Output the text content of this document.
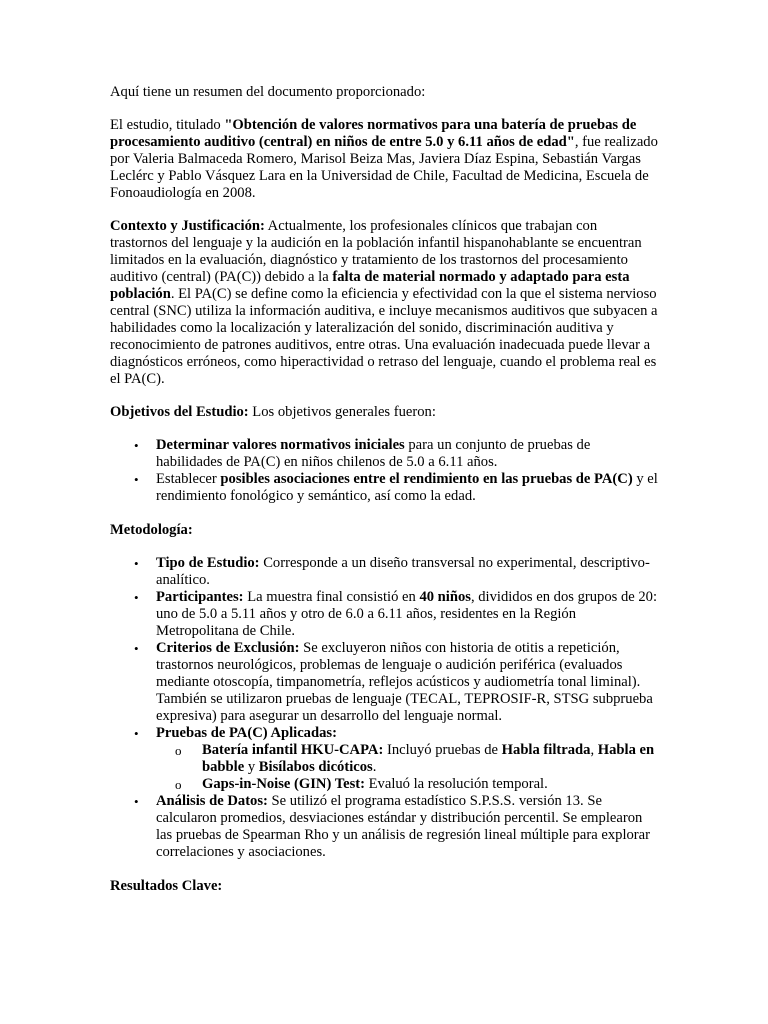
Aquí tiene un resumen del documento proporcionado:

El estudio, titulado "Obtención de valores normativos para una batería de pruebas de procesamiento auditivo (central) en niños de entre 5.0 y 6.11 años de edad", fue realizado por Valeria Balmaceda Romero, Marisol Beiza Mas, Javiera Díaz Espina, Sebastián Vargas Leclérc y Pablo Vásquez Lara en la Universidad de Chile, Facultad de Medicina, Escuela de Fonoaudiología en 2008.

Contexto y Justificación: Actualmente, los profesionales clínicos que trabajan con trastornos del lenguaje y la audición en la población infantil hispanohablante se encuentran limitados en la evaluación, diagnóstico y tratamiento de los trastornos del procesamiento auditivo (central) (PA(C)) debido a la falta de material normado y adaptado para esta población. El PA(C) se define como la eficiencia y efectividad con la que el sistema nervioso central (SNC) utiliza la información auditiva, e incluye mecanismos auditivos que subyacen a habilidades como la localización y lateralización del sonido, discriminación auditiva y reconocimiento de patrones auditivos, entre otras. Una evaluación inadecuada puede llevar a diagnósticos erróneos, como hiperactividad o retraso del lenguaje, cuando el problema real es el PA(C).

Objetivos del Estudio: Los objetivos generales fueron:

• Determinar valores normativos iniciales para un conjunto de pruebas de habilidades de PA(C) en niños chilenos de 5.0 a 6.11 años.
• Establecer posibles asociaciones entre el rendimiento en las pruebas de PA(C) y el rendimiento fonológico y semántico, así como la edad.

Metodología:

• Tipo de Estudio: Corresponde a un diseño transversal no experimental, descriptivo-analítico.
• Participantes: La muestra final consistió en 40 niños, divididos en dos grupos de 20: uno de 5.0 a 5.11 años y otro de 6.0 a 6.11 años, residentes en la Región Metropolitana de Chile.
• Criterios de Exclusión: Se excluyeron niños con historia de otitis a repetición, trastornos neurológicos, problemas de lenguaje o audición periférica (evaluados mediante otoscopía, timpanometría, reflejos acústicos y audiometría tonal liminal). También se utilizaron pruebas de lenguaje (TECAL, TEPROSIF-R, STSG subprueba expresiva) para asegurar un desarrollo del lenguaje normal.
• Pruebas de PA(C) Aplicadas:
o Batería infantil HKU-CAPA: Incluyó pruebas de Habla filtrada, Habla en babble y Bisílabos dicóticos.
o Gaps-in-Noise (GIN) Test: Evaluó la resolución temporal.
• Análisis de Datos: Se utilizó el programa estadístico S.P.S.S. versión 13. Se calcularon promedios, desviaciones estándar y distribución percentil. Se emplearon las pruebas de Spearman Rho y un análisis de regresión lineal múltiple para explorar correlaciones y asociaciones.

Resultados Clave:
